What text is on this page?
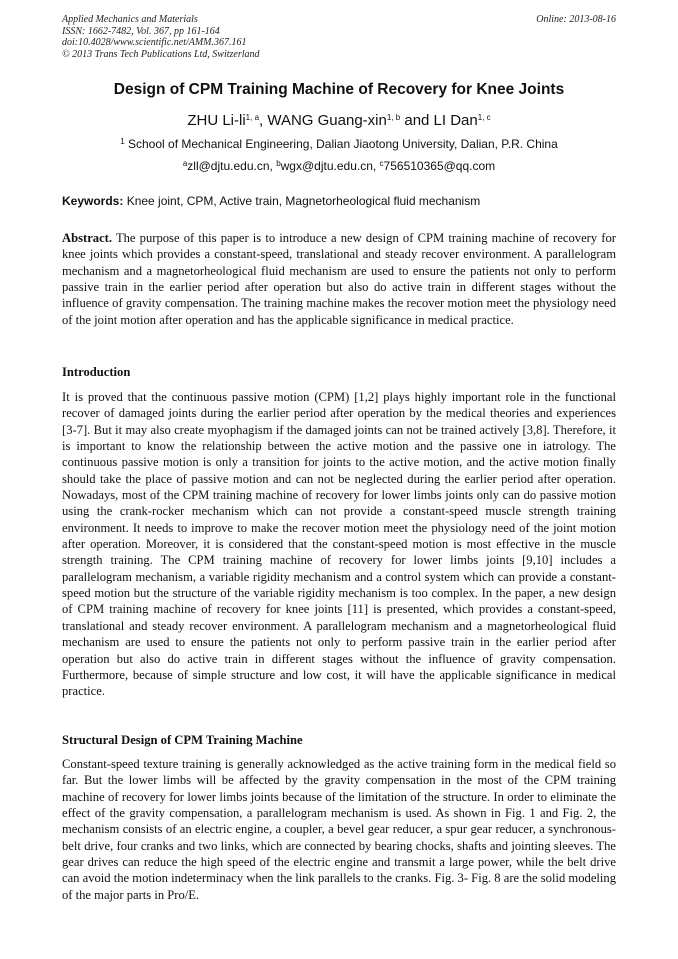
Applied Mechanics and Materials
ISSN: 1662-7482, Vol. 367, pp 161-164
doi:10.4028/www.scientific.net/AMM.367.161
© 2013 Trans Tech Publications Ltd, Switzerland
Online: 2013-08-16
Design of CPM Training Machine of Recovery for Knee Joints
ZHU Li-li$^{1, a}$, WANG Guang-xin$^{1, b}$ and LI Dan$^{1, c}$
$^1$ School of Mechanical Engineering, Dalian Jiaotong University, Dalian, P.R. China
$^a$zll@djtu.edu.cn, $^b$wgx@djtu.edu.cn, $^c$756510365@qq.com
Keywords: Knee joint, CPM, Active train, Magnetorheological fluid mechanism

Abstract. The purpose of this paper is to introduce a new design of CPM training machine of recovery for knee joints which provides a constant-speed, translational and steady recover environment. A parallelogram mechanism and a magnetorheological fluid mechanism are used to ensure the patients not only to perform passive train in the earlier period after operation but also do active train in different stages without the influence of gravity compensation. The training machine makes the recover motion meet the physiology need of the joint motion after operation and has the applicable significance in medical practice.

Introduction

It is proved that the continuous passive motion (CPM) [1,2] plays highly important role in the functional recover of damaged joints during the earlier period after operation by the medical theories and experiences [3-7]. But it may also create myophagism if the damaged joints can not be trained actively [3,8]. Therefore, it is important to know the relationship between the active motion and the passive one in iatrology. The continuous passive motion is only a transition for joints to the active motion, and the active motion finally should take the place of passive motion and can not be neglected during the earlier period after operation. Nowadays, most of the CPM training machine of recovery for lower limbs joints only can do passive motion using the crank-rocker mechanism which can not provide a constant-speed muscle strength training environment. It needs to improve to make the recover motion meet the physiology need of the joint motion after operation. Moreover, it is considered that the constant-speed motion is most effective in the muscle strength training. The CPM training machine of recovery for lower limbs joints [9,10] includes a parallelogram mechanism, a variable rigidity mechanism and a control system which can provide a constant-speed motion but the structure of the variable rigidity mechanism is too complex. In the paper, a new design of CPM training machine of recovery for knee joints [11] is presented, which provides a constant-speed, translational and steady recover environment. A parallelogram mechanism and a magnetorheological fluid mechanism are used to ensure the patients not only to perform passive train in the earlier period after operation but also do active train in different stages without the influence of gravity compensation. Furthermore, because of simple structure and low cost, it will have the applicable significance in medical practice.

Structural Design of CPM Training Machine

Constant-speed texture training is generally acknowledged as the active training form in the medical field so far. But the lower limbs will be affected by the gravity compensation in the most of the CPM training machine of recovery for lower limbs joints because of the limitation of the structure. In order to eliminate the effect of the gravity compensation, a parallelogram mechanism is used. As shown in Fig. 1 and Fig. 2, the mechanism consists of an electric engine, a coupler, a bevel gear reducer, a spur gear reducer, a synchronous-belt drive, four cranks and two links, which are connected by bearing chocks, shafts and jointing sleeves. The gear drives can reduce the high speed of the electric engine and transmit a large power, while the belt drive can avoid the motion indeterminacy when the link parallels to the cranks. Fig. 3- Fig. 8 are the solid modeling of the major parts in Pro/E.
